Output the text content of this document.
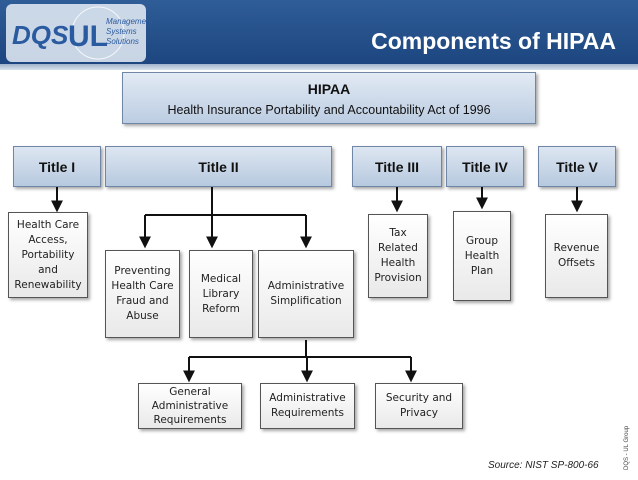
DQS UL
Management
Systems
Solutions	Components of HIPAA
HIPAA
Health Insurance Portability and Accountability Act of 1996
Title I	Title II	Title III	Title IV	Title V
Health Care Access, Portability and Renewability
Preventing Health Care Fraud and Abuse
Medical Library Reform
Administrative Simplification
General Administrative Requirements
Administrative Requirements
Security and Privacy
Tax Related Health Provision
Group Health Plan
Revenue Offsets
Source: NIST SP-800-66	DQS - UL Group
